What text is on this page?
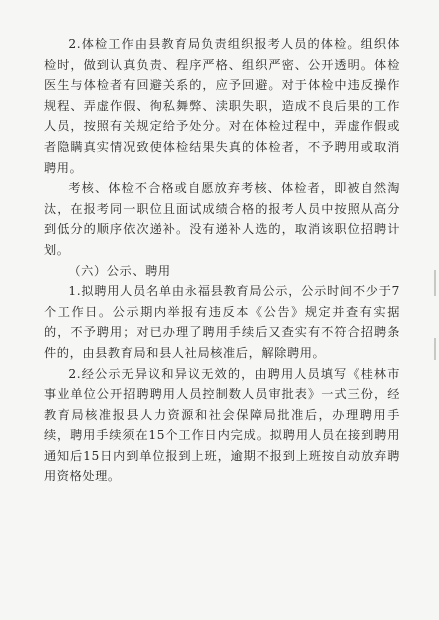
2.体检工作由县教育局负责组织报考人员的体检。组织体检时，做到认真负责、程序严格、组织严密、公开透明。体检医生与体检者有回避关系的，应予回避。对于体检中违反操作规程、弄虚作假、徇私舞弊、渎职失职，造成不良后果的工作人员，按照有关规定给予处分。对在体检过程中，弄虚作假或者隐瞒真实情况致使体检结果失真的体检者，不予聘用或取消聘用。

考核、体检不合格或自愿放弃考核、体检者，即被自然淘汰，在报考同一职位且面试成绩合格的报考人员中按照从高分到低分的顺序依次递补。没有递补人选的，取消该职位招聘计划。

（六）公示、聘用

1.拟聘用人员名单由永福县教育局公示，公示时间不少于7个工作日。公示期内举报有违反本《公告》规定并查有实据的，不予聘用；对已办理了聘用手续后又查实有不符合招聘条件的，由县教育局和县人社局核准后，解除聘用。

2.经公示无异议和异议无效的，由聘用人员填写《桂林市事业单位公开招聘聘用人员控制数人员审批表》一式三份，经教育局核准报县人力资源和社会保障局批准后，办理聘用手续，聘用手续须在15个工作日内完成。拟聘用人员在接到聘用通知后15日内到单位报到上班，逾期不报到上班按自动放弃聘用资格处理。
